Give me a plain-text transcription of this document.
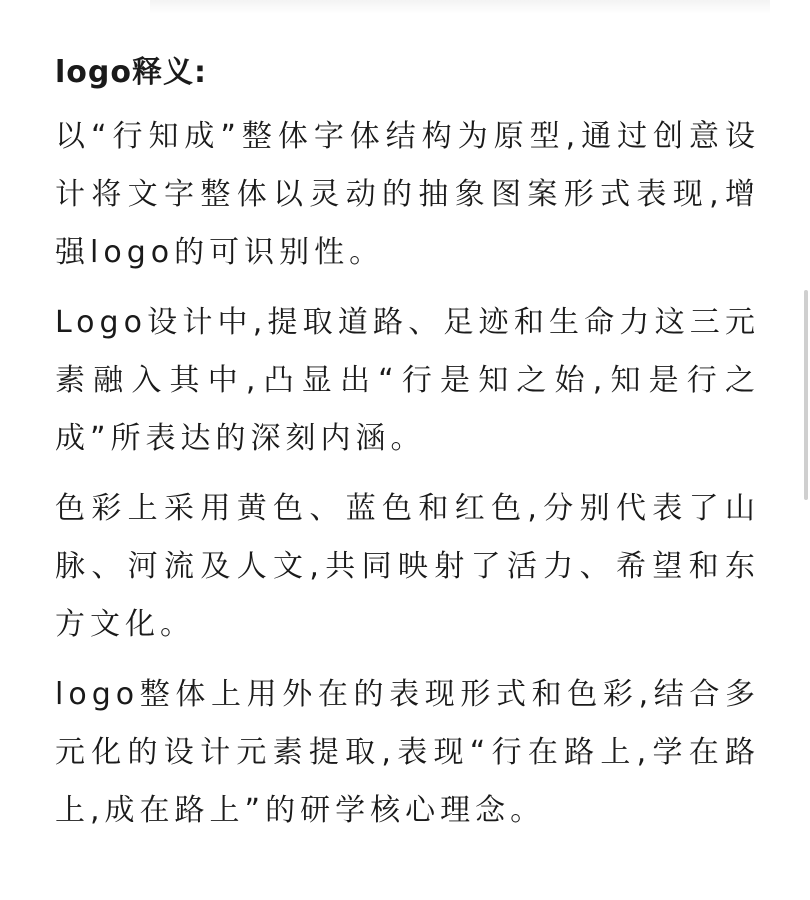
logo释义:

以“行知成”整体字体结构为原型,通过创意设计将文字整体以灵动的抽象图案形式表现,增强logo的可识别性。

Logo设计中,提取道路、足迹和生命力这三元素融入其中,凸显出“行是知之始,知是行之成”所表达的深刻内涵。

色彩上采用黄色、蓝色和红色,分别代表了山脉、河流及人文,共同映射了活力、希望和东方文化。

logo整体上用外在的表现形式和色彩,结合多元化的设计元素提取,表现“行在路上,学在路上,成在路上”的研学核心理念。
